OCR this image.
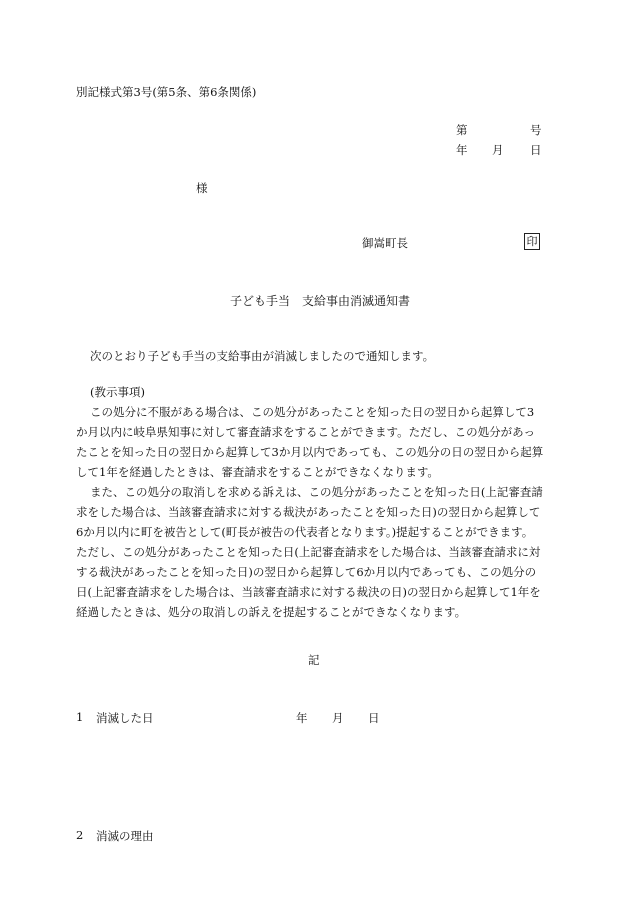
別記様式第3号(第5条、第6条関係)
第	号
年 月 日
様
御嵩町長	印
子ども手当　支給事由消滅通知書
次のとおり子ども手当の支給事由が消滅しましたので通知します。

(教示事項)

この処分に不服がある場合は、この処分があったことを知った日の翌日から起算して3

か月以内に岐阜県知事に対して審査請求をすることができます。ただし、この処分があっ

たことを知った日の翌日から起算して3か月以内であっても、この処分の日の翌日から起算

して1年を経過したときは、審査請求をすることができなくなります。

また、この処分の取消しを求める訴えは、この処分があったことを知った日(上記審査請

求をした場合は、当該審査請求に対する裁決があったことを知った日)の翌日から起算して

6か月以内に町を被告として(町長が被告の代表者となります。)提起することができます。

ただし、この処分があったことを知った日(上記審査請求をした場合は、当該審査請求に対

する裁決があったことを知った日)の翌日から起算して6か月以内であっても、この処分の

日(上記審査請求をした場合は、当該審査請求に対する裁決の日)の翌日から起算して1年を

経過したときは、処分の取消しの訴えを提起することができなくなります。

記
1 消滅した日	年 月 日
2 消滅の理由
